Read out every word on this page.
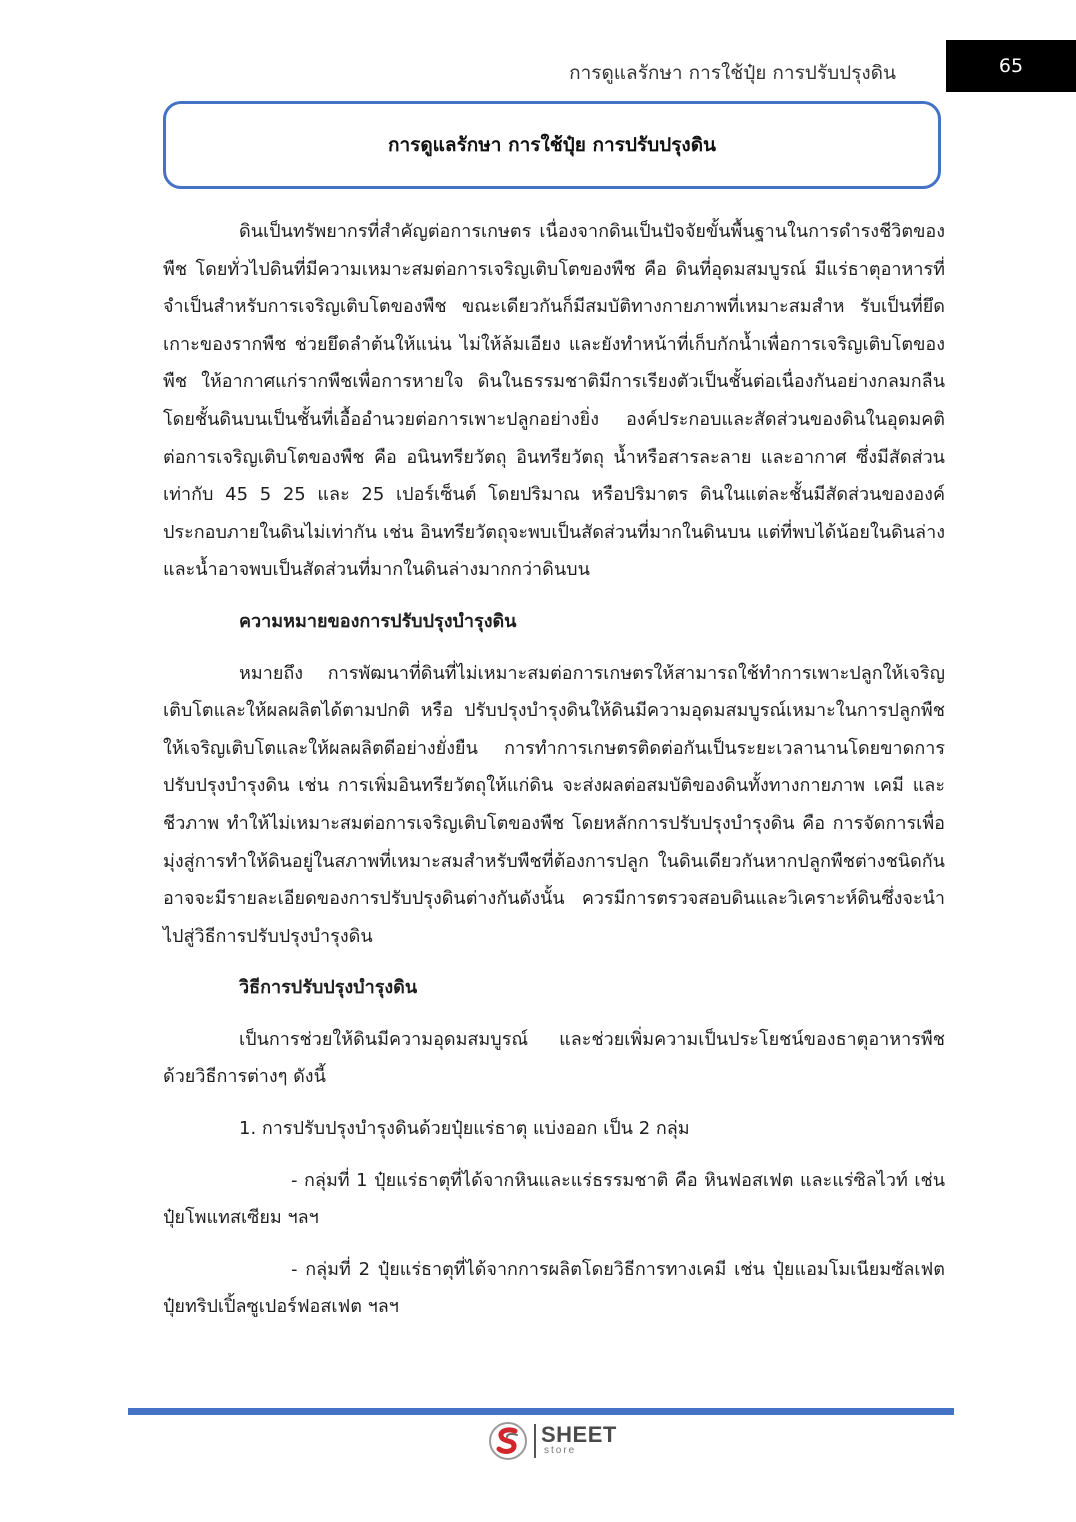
การดูแลรักษา การใช้ปุ๋ย การปรับปรุงดิน	65
การดูแลรักษา การใช้ปุ๋ย การปรับปรุงดิน

ดินเป็นทรัพยากรที่สำคัญต่อการเกษตร เนื่องจากดินเป็นปัจจัยขั้นพื้นฐานในการดำรงชีวิตของพืช โดยทั่วไปดินที่มีความเหมาะสมต่อการเจริญเติบโตของพืช คือ ดินที่อุดมสมบูรณ์ มีแร่ธาตุอาหารที่จำเป็นสำหรับการเจริญเติบโตของพืช ขณะเดียวกันก็มีสมบัติทางกายภาพที่เหมาะสมสำห รับเป็นที่ยึดเกาะของรากพืช ช่วยยึดลำต้นให้แน่น ไม่ให้ล้มเอียง และยังทำหน้าที่เก็บกักน้ำเพื่อการเจริญเติบโตของพืช ให้อากาศแก่รากพืชเพื่อการหายใจ ดินในธรรมชาติมีการเรียงตัวเป็นชั้นต่อเนื่องกันอย่างกลมกลืน โดยชั้นดินบนเป็นชั้นที่เอื้ออำนวยต่อการเพาะปลูกอย่างยิ่ง องค์ประกอบและสัดส่วนของดินในอุดมคติต่อการเจริญเติบโตของพืช คือ อนินทรียวัตถุ อินทรียวัตถุ น้ำหรือสารละลาย และอากาศ ซึ่งมีสัดส่วนเท่ากับ 45 5 25 และ 25 เปอร์เซ็นต์ โดยปริมาณ หรือปริมาตร ดินในแต่ละชั้นมีสัดส่วนขององค์ประกอบภายในดินไม่เท่ากัน เช่น อินทรียวัตถุจะพบเป็นสัดส่วนที่มากในดินบน แต่ที่พบได้น้อยในดินล่าง และน้ำอาจพบเป็นสัดส่วนที่มากในดินล่างมากกว่าดินบน

ความหมายของการปรับปรุงบำรุงดิน

หมายถึง การพัฒนาที่ดินที่ไม่เหมาะสมต่อการเกษตรให้สามารถใช้ทำการเพาะปลูกให้เจริญเติบโตและให้ผลผลิตได้ตามปกติ หรือ ปรับปรุงบำรุงดินให้ดินมีความอุดมสมบูรณ์เหมาะในการปลูกพืชให้เจริญเติบโตและให้ผลผลิตดีอย่างยั่งยืน การทำการเกษตรติดต่อกันเป็นระยะเวลานานโดยขาดการปรับปรุงบำรุงดิน เช่น การเพิ่มอินทรียวัตถุให้แก่ดิน จะส่งผลต่อสมบัติของดินทั้งทางกายภาพ เคมี และชีวภาพ ทำให้ไม่เหมาะสมต่อการเจริญเติบโตของพืช โดยหลักการปรับปรุงบำรุงดิน คือ การจัดการเพื่อมุ่งสู่การทำให้ดินอยู่ในสภาพที่เหมาะสมสำหรับพืชที่ต้องการปลูก ในดินเดียวกันหากปลูกพืชต่างชนิดกันอาจจะมีรายละเอียดของการปรับปรุงดินต่างกันดังนั้น ควรมีการตรวจสอบดินและวิเคราะห์ดินซึ่งจะนำไปสู่วิธีการปรับปรุงบำรุงดิน

วิธีการปรับปรุงบำรุงดิน

เป็นการช่วยให้ดินมีความอุดมสมบูรณ์ และช่วยเพิ่มความเป็นประโยชน์ของธาตุอาหารพืชด้วยวิธีการต่างๆ ดังนี้

1. การปรับปรุงบำรุงดินด้วยปุ๋ยแร่ธาตุ แบ่งออก เป็น 2 กลุ่ม

- กลุ่มที่ 1 ปุ๋ยแร่ธาตุที่ได้จากหินและแร่ธรรมชาติ คือ หินฟอสเฟต และแร่ซิลไวท์ เช่น ปุ๋ยโพแทสเซียม ฯลฯ

- กลุ่มที่ 2 ปุ๋ยแร่ธาตุที่ได้จากการผลิตโดยวิธีการทางเคมี เช่น ปุ๋ยแอมโมเนียมซัลเฟต ปุ๋ยทริปเปิ้ลซูเปอร์ฟอสเฟต ฯลฯ

SHEET
store
